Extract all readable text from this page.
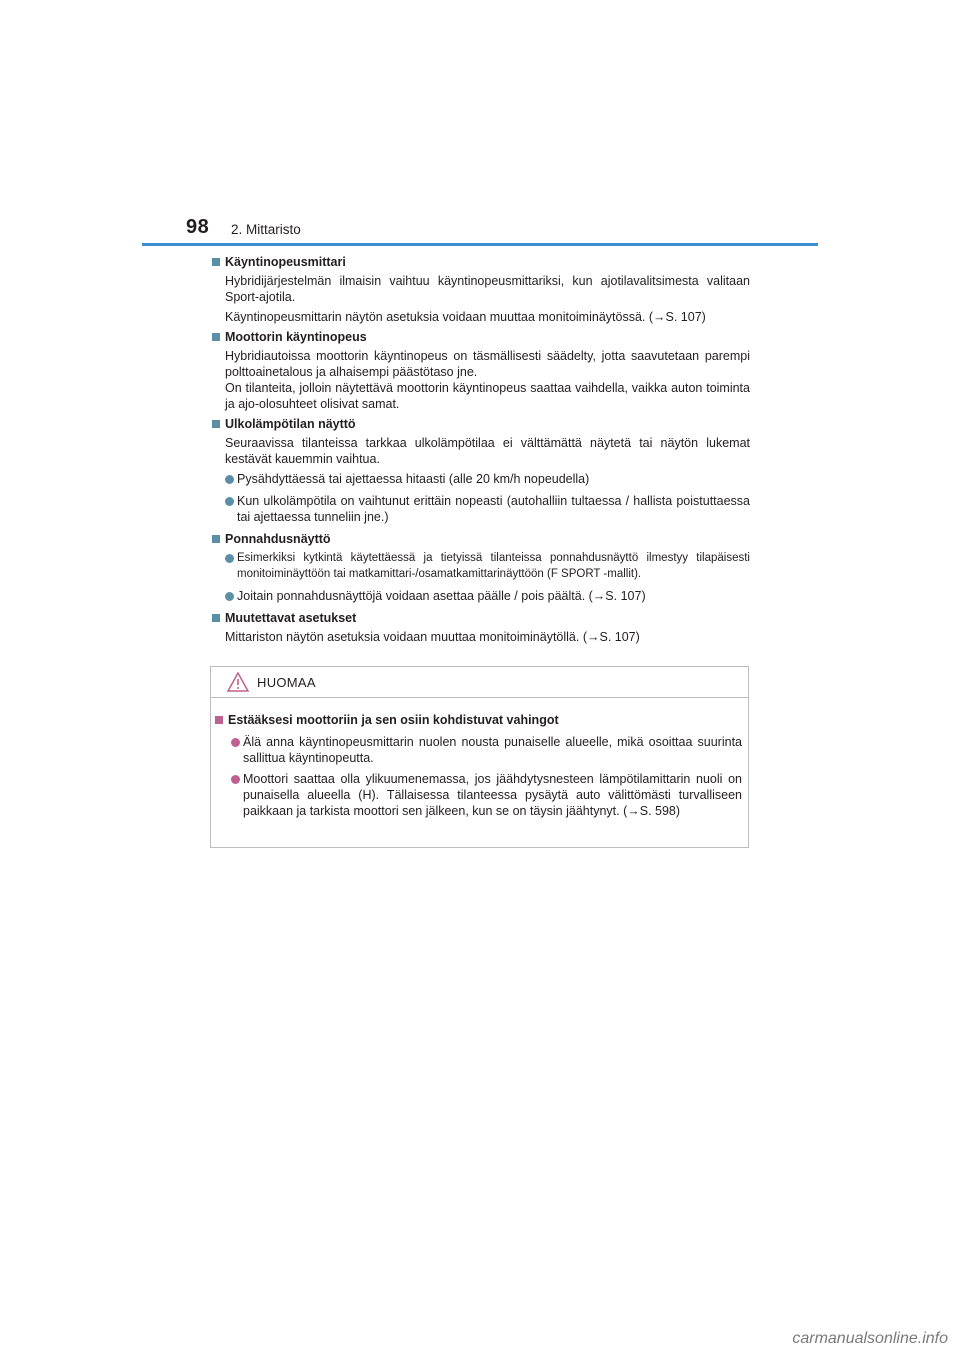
98 2. Mittaristo
Käyntinopeusmittari
Hybridijärjestelmän ilmaisin vaihtuu käyntinopeusmittariksi, kun ajotilavalitsimesta valitaan Sport-ajotila.
Käyntinopeusmittarin näytön asetuksia voidaan muuttaa monitoiminäytössä. (→S. 107)
Moottorin käyntinopeus
Hybridiautoissa moottorin käyntinopeus on täsmällisesti säädelty, jotta saavutetaan parempi polttoainetalous ja alhaisempi päästötaso jne.
On tilanteita, jolloin näytettävä moottorin käyntinopeus saattaa vaihdella, vaikka auton toiminta ja ajo-olosuhteet olisivat samat.
Ulkolämpötilan näyttö
Seuraavissa tilanteissa tarkkaa ulkolämpötilaa ei välttämättä näytetä tai näytön lukemat kestävät kauemmin vaihtua.
Pysähdyttäessä tai ajettaessa hitaasti (alle 20 km/h nopeudella)
Kun ulkolämpötila on vaihtunut erittäin nopeasti (autohalliin tultaessa / hallista poistuttaessa tai ajettaessa tunneliin jne.)
Ponnahdusnäyttö
Esimerkiksi kytkintä käytettäessä ja tietyissä tilanteissa ponnahdusnäyttö ilmestyy tilapäisesti monitoiminäyttöön tai matkamittari-/osamatkamittarinäyttöön (F SPORT -mallit).
Joitain ponnahdusnäyttöjä voidaan asettaa päälle / pois päältä. (→S. 107)
Muutettavat asetukset
Mittariston näytön asetuksia voidaan muuttaa monitoiminäytöllä. (→S. 107)
HUOMAA
Estääksesi moottoriin ja sen osiin kohdistuvat vahingot
Älä anna käyntinopeusmittarin nuolen nousta punaiselle alueelle, mikä osoittaa suurinta sallittua käyntinopeutta.
Moottori saattaa olla ylikuumenemassa, jos jäähdytysnesteen lämpötilamittarin nuoli on punaisella alueella (H). Tällaisessa tilanteessa pysäytä auto välittömästi turvalliseen paikkaan ja tarkista moottori sen jälkeen, kun se on täysin jäähtynyt. (→S. 598)
carmanualsonline.info
